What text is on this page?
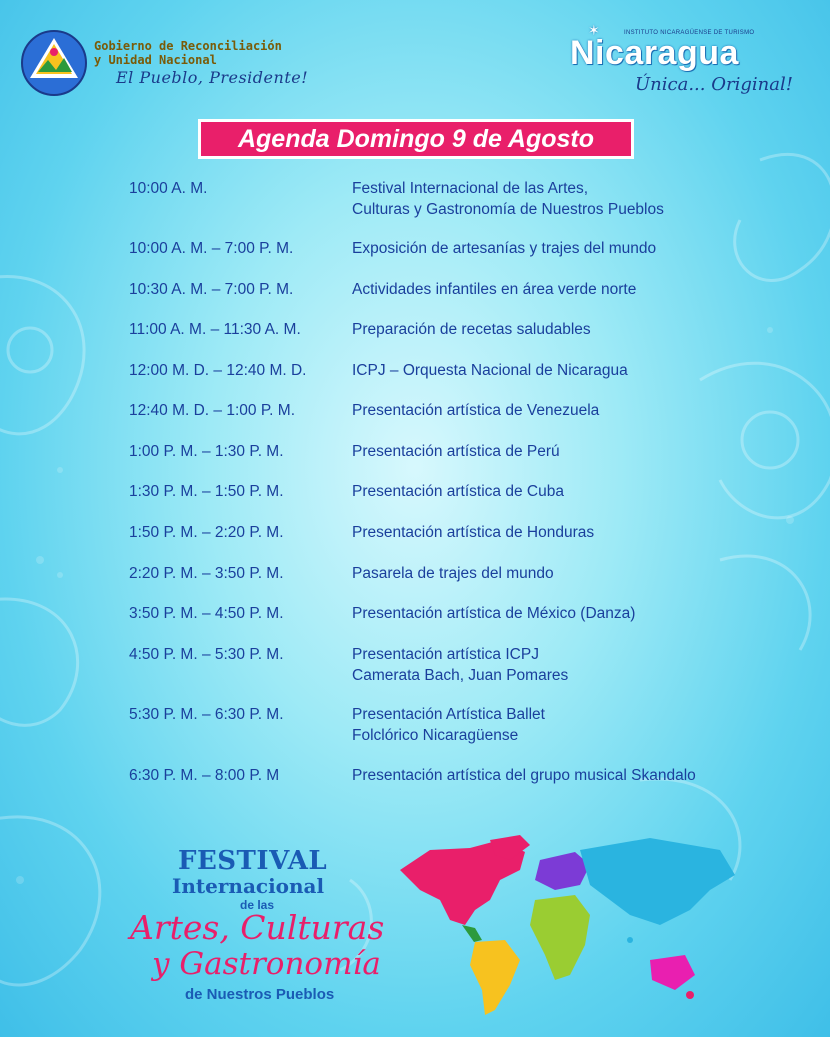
Gobierno de Reconciliación
y Unidad Nacional
El Pueblo, Presidente!
✶	INSTITUTO NICARAGÜENSE DE TURISMO
Nicaragua
Única... Original!
Agenda Domingo 9 de Agosto
10:00 A. M.	Festival Internacional de las Artes,
Culturas y Gastronomía de Nuestros Pueblos
10:00 A. M. – 7:00 P. M.	Exposición de artesanías y trajes del mundo
10:30 A. M. – 7:00 P. M.	Actividades infantiles en área verde norte
11:00 A. M. – 11:30 A. M.	Preparación de recetas saludables
12:00 M. D. – 12:40 M. D.	ICPJ – Orquesta Nacional de Nicaragua
12:40 M. D. – 1:00 P. M.	Presentación artística de Venezuela
1:00 P. M. – 1:30 P. M.	Presentación artística de Perú
1:30 P. M. – 1:50 P. M.	Presentación artística de Cuba
1:50 P. M. – 2:20 P. M.	Presentación artística de Honduras
2:20 P. M. – 3:50 P. M.	Pasarela de trajes del mundo
3:50 P. M. – 4:50 P. M.	Presentación artística de México (Danza)
4:50 P. M. – 5:30 P. M.	Presentación artística ICPJ
Camerata Bach, Juan Pomares
5:30 P. M. – 6:30 P. M.	Presentación Artística Ballet
Folclórico Nicaragüense
6:30 P. M. – 8:00 P. M	Presentación artística del grupo musical Skandalo
FESTIVAL
Internacional
de las
Artes, Culturas
y Gastronomía
de Nuestros Pueblos
